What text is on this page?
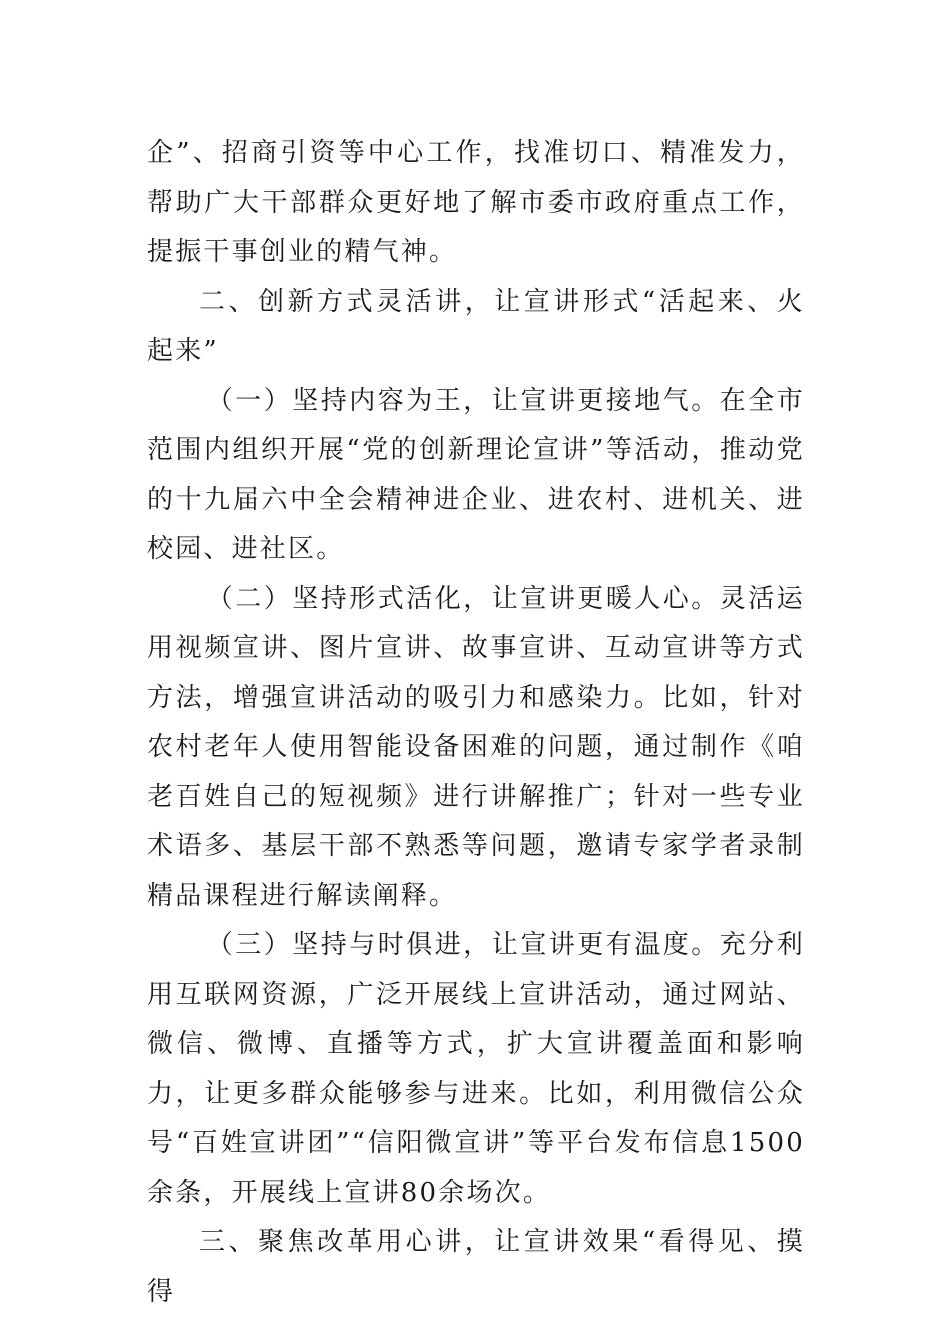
企”、招商引资等中心工作，找准切口、精准发力，帮助广大干部群众更好地了解市委市政府重点工作，提振干事创业的精气神。

二、创新方式灵活讲，让宣讲形式“活起来、火起来”

（一）坚持内容为王，让宣讲更接地气。在全市范围内组织开展“党的创新理论宣讲”等活动，推动党的十九届六中全会精神进企业、进农村、进机关、进校园、进社区。

（二）坚持形式活化，让宣讲更暖人心。灵活运用视频宣讲、图片宣讲、故事宣讲、互动宣讲等方式方法，增强宣讲活动的吸引力和感染力。比如，针对农村老年人使用智能设备困难的问题，通过制作《咱老百姓自己的短视频》进行讲解推广；针对一些专业术语多、基层干部不熟悉等问题，邀请专家学者录制精品课程进行解读阐释。

（三）坚持与时俱进，让宣讲更有温度。充分利用互联网资源，广泛开展线上宣讲活动，通过网站、微信、微博、直播等方式，扩大宣讲覆盖面和影响力，让更多群众能够参与进来。比如，利用微信公众号“百姓宣讲团”“信阳微宣讲”等平台发布信息1500余条，开展线上宣讲80余场次。

三、聚焦改革用心讲，让宣讲效果“看得见、摸得
